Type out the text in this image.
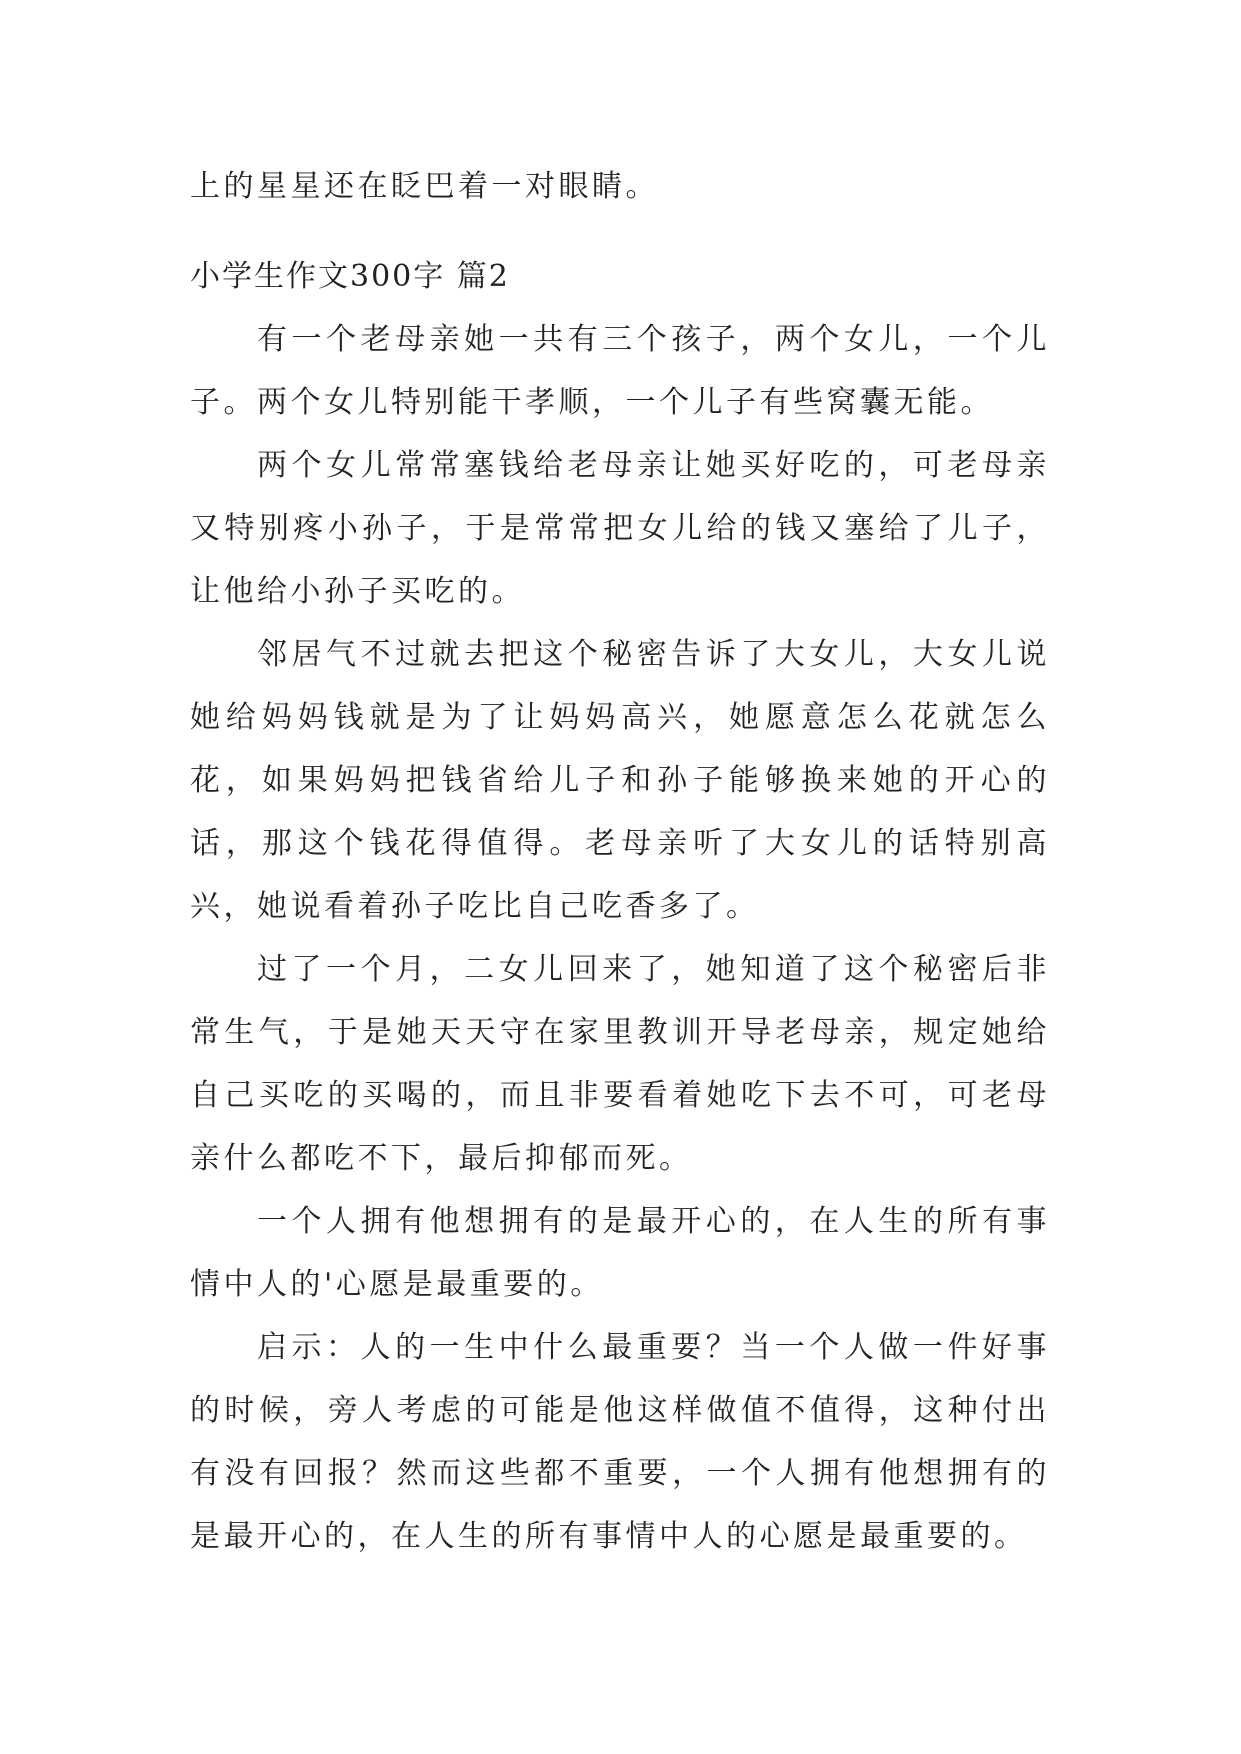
上的星星还在眨巴着一对眼睛。

小学生作文300字 篇2

有一个老母亲她一共有三个孩子，两个女儿，一个儿子。两个女儿特别能干孝顺，一个儿子有些窝囊无能。

两个女儿常常塞钱给老母亲让她买好吃的，可老母亲又特别疼小孙子，于是常常把女儿给的钱又塞给了儿子，让他给小孙子买吃的。

邻居气不过就去把这个秘密告诉了大女儿，大女儿说她给妈妈钱就是为了让妈妈高兴，她愿意怎么花就怎么花，如果妈妈把钱省给儿子和孙子能够换来她的开心的话，那这个钱花得值得。老母亲听了大女儿的话特别高兴，她说看着孙子吃比自己吃香多了。

过了一个月，二女儿回来了，她知道了这个秘密后非常生气，于是她天天守在家里教训开导老母亲，规定她给自己买吃的买喝的，而且非要看着她吃下去不可，可老母亲什么都吃不下，最后抑郁而死。

一个人拥有他想拥有的是最开心的，在人生的所有事情中人的'心愿是最重要的。

启示：人的一生中什么最重要？当一个人做一件好事的时候，旁人考虑的可能是他这样做值不值得，这种付出有没有回报？然而这些都不重要，一个人拥有他想拥有的是最开心的，在人生的所有事情中人的心愿是最重要的。
